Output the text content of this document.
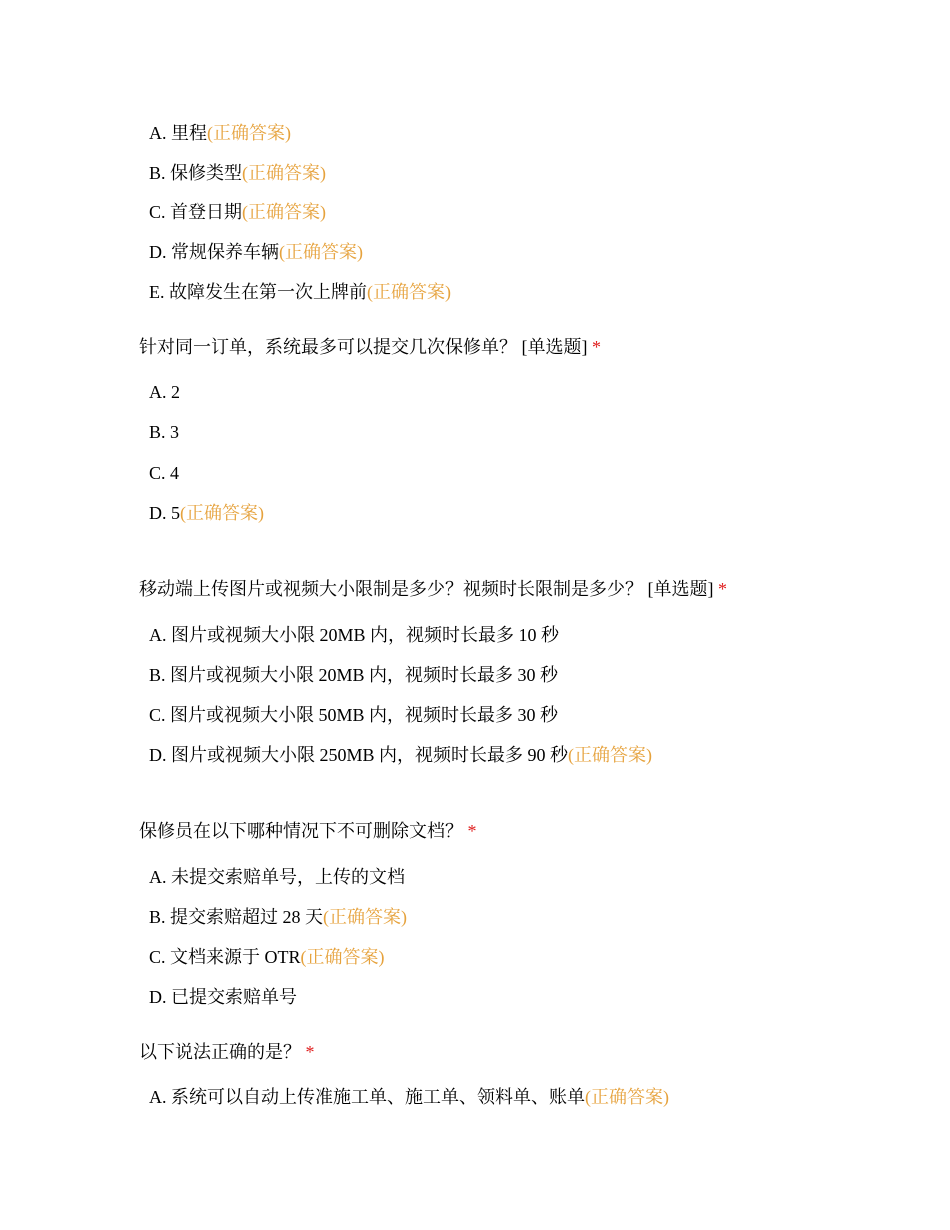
A. 里程(正确答案)
B. 保修类型(正确答案)
C. 首登日期(正确答案)
D. 常规保养车辆(正确答案)
E. 故障发生在第一次上牌前(正确答案)
针对同一订单，系统最多可以提交几次保修单？ [单选题] *
A. 2
B. 3
C. 4
D. 5(正确答案)
移动端上传图片或视频大小限制是多少？视频时长限制是多少？ [单选题] *
A. 图片或视频大小限 20MB 内，视频时长最多 10 秒
B. 图片或视频大小限 20MB 内，视频时长最多 30 秒
C. 图片或视频大小限 50MB 内，视频时长最多 30 秒
D. 图片或视频大小限 250MB 内，视频时长最多 90 秒(正确答案)
保修员在以下哪种情况下不可删除文档？ *
A. 未提交索赔单号，上传的文档
B. 提交索赔超过 28 天(正确答案)
C. 文档来源于 OTR(正确答案)
D. 已提交索赔单号
以下说法正确的是？ *
A. 系统可以自动上传准施工单、施工单、领料单、账单(正确答案)
